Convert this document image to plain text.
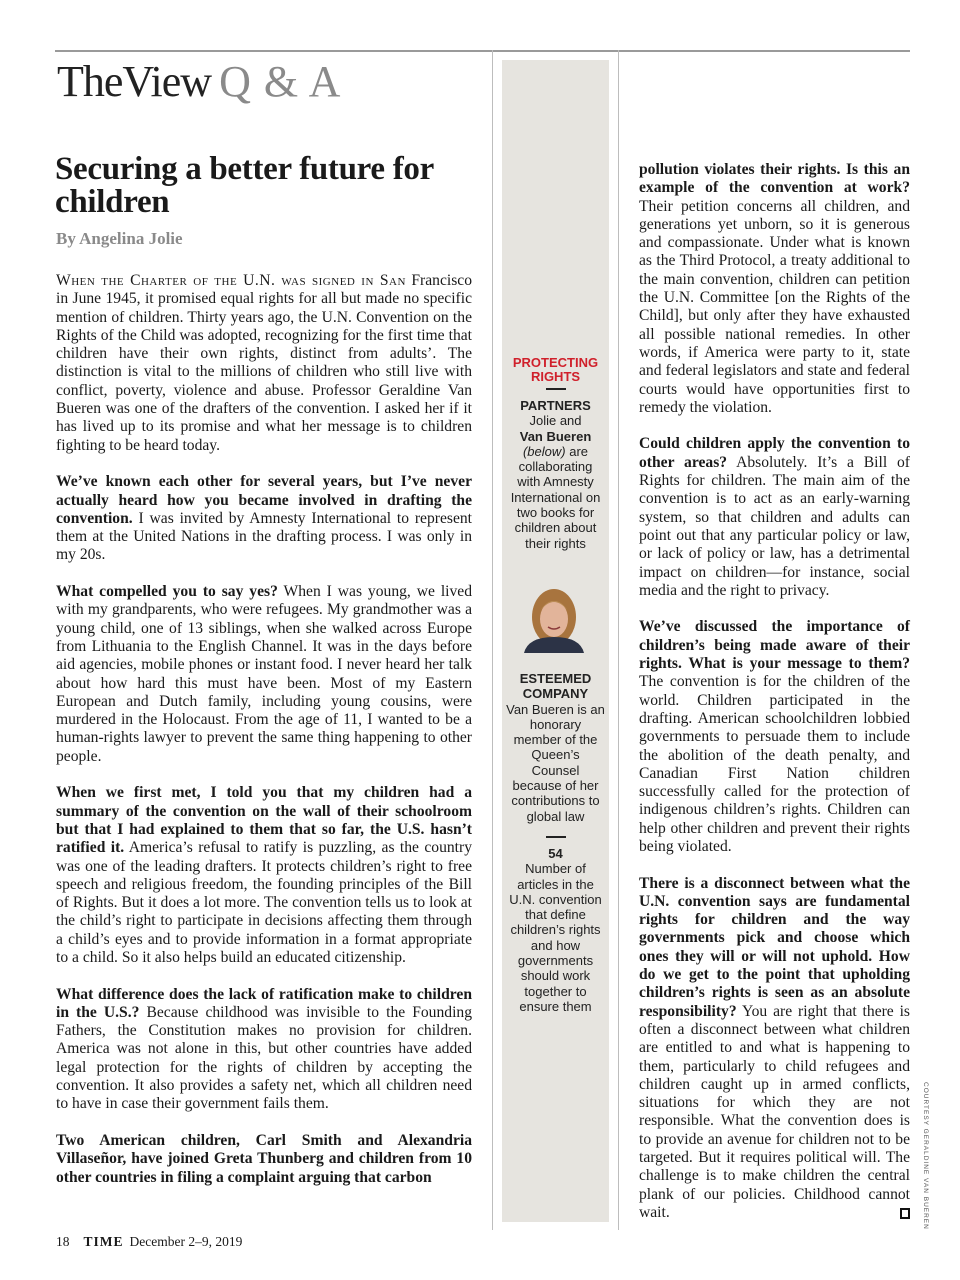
TheView Q & A
Securing a better future for children
By Angelina Jolie

When the Charter of the U.N. was signed in San Francisco in June 1945, it promised equal rights for all but made no specific mention of children. Thirty years ago, the U.N. Convention on the Rights of the Child was adopted, recognizing for the first time that children have their own rights, distinct from adults’. The distinction is vital to the millions of children who still live with conflict, poverty, violence and abuse. Professor Geraldine Van Bueren was one of the drafters of the convention. I asked her if it has lived up to its promise and what her message is to children fighting to be heard today.

We’ve known each other for several years, but I’ve never actually heard how you became involved in drafting the convention. I was invited by Amnesty International to represent them at the United Nations in the drafting process. I was only in my 20s.

What compelled you to say yes? When I was young, we lived with my grandparents, who were refugees. My grandmother was a young child, one of 13 siblings, when she walked across Europe from Lithuania to the English Channel. It was in the days before aid agencies, mobile phones or instant food. I never heard her talk about how hard this must have been. Most of my Eastern European and Dutch family, including young cousins, were murdered in the Holocaust. From the age of 11, I wanted to be a human-rights lawyer to prevent the same thing happening to other people.

When we first met, I told you that my children had a summary of the convention on the wall of their schoolroom but that I had explained to them that so far, the U.S. hasn’t ratified it. America’s refusal to ratify is puzzling, as the country was one of the leading drafters. It protects children’s right to free speech and religious freedom, the founding principles of the Bill of Rights. But it does a lot more. The convention tells us to look at the child’s right to participate in decisions affecting them through a child’s eyes and to provide information in a format appropriate to a child. So it also helps build an educated citizenship.

What difference does the lack of ratification make to children in the U.S.? Because childhood was invisible to the Founding Fathers, the Constitution makes no provision for children. America was not alone in this, but other countries have added legal protection for the rights of children by accepting the convention. It also provides a safety net, which all children need to have in case their government fails them.

Two American children, Carl Smith and Alexandria Villaseñor, have joined Greta Thunberg and children from 10 other countries in filing a complaint arguing that carbon

pollution violates their rights. Is this an example of the convention at work? Their petition concerns all children, and generations yet unborn, so it is generous and compassionate. Under what is known as the Third Protocol, a treaty additional to the main convention, children can petition the U.N. Committee [on the Rights of the Child], but only after they have exhausted all possible national remedies. In other words, if America were party to it, state and federal legislators and state and federal courts would have opportunities first to remedy the violation.

Could children apply the convention to other areas? Absolutely. It’s a Bill of Rights for children. The main aim of the convention is to act as an early-warning system, so that children and adults can point out that any particular policy or law, or lack of policy or law, has a detrimental impact on children—for instance, social media and the right to privacy.

We’ve discussed the importance of children’s being made aware of their rights. What is your message to them? The convention is for the children of the world. Children participated in the drafting. American schoolchildren lobbied governments to persuade them to include the abolition of the death penalty, and Canadian First Nation children successfully called for the protection of indigenous children’s rights. Children can help other children and prevent their rights being violated.

There is a disconnect between what the U.N. convention says are fundamental rights for children and the way governments pick and choose which ones they will or will not uphold. How do we get to the point that upholding children’s rights is seen as an absolute responsibility? You are right that there is often a disconnect between what children are entitled to and what is happening to them, particularly to child refugees and children caught up in armed conflicts, situations for which they are not responsible. What the convention does is to provide an avenue for children not to be targeted. But it requires political will. The challenge is to make children the central plank of our policies. Childhood cannot wait.

PROTECTING RIGHTS
PARTNERS
Jolie and
Van Bueren
(below) are collaborating with Amnesty International on two books for children about their rights
ESTEEMED COMPANY
Van Bueren is an honorary member of the Queen’s Counsel because of her contributions to global law
54
Number of articles in the U.N. convention that define children’s rights and how governments should work together to ensure them
COURTESY GERALDINE VAN BUEREN
18 TIME December 2–9, 2019
